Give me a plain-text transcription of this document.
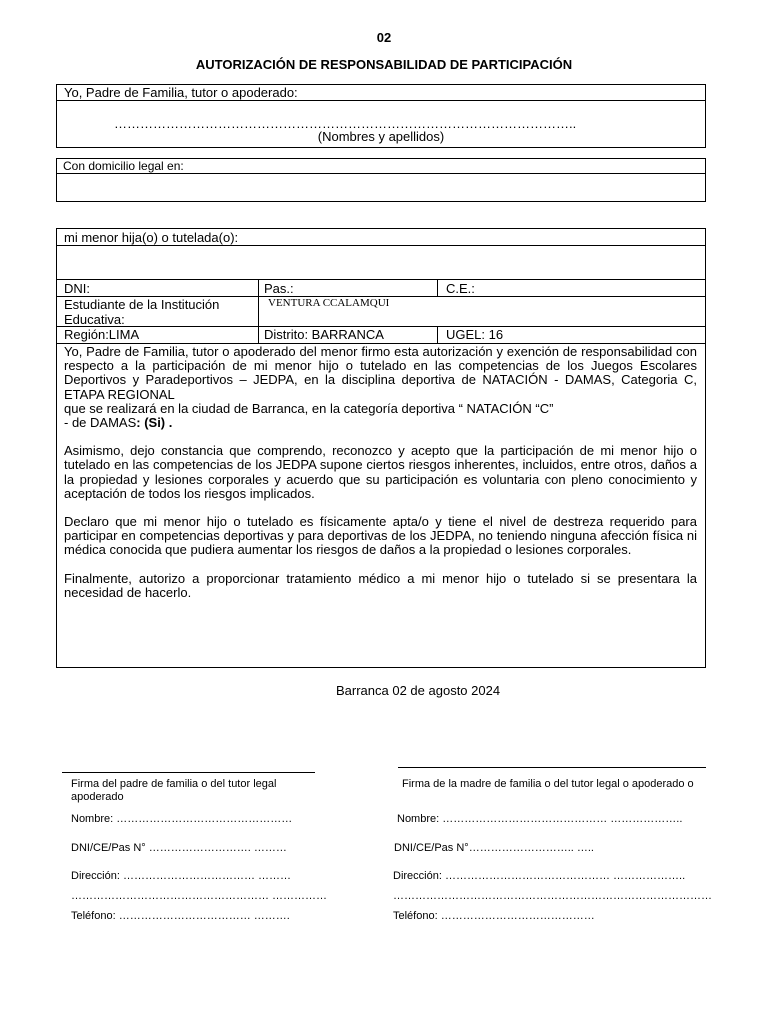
02
AUTORIZACIÓN DE RESPONSABILIDAD DE PARTICIPACIÓN
Yo, Padre de Familia, tutor o apoderado:
……………………………………………………………………………………………..
(Nombres y apellidos)
Con domicilio legal en:
mi menor hija(o) o tutelada(o):
DNI:	Pas.:	C.E.:
Estudiante de la Institución Educativa:
VENTURA CCALAMQUI
Región:LIMA	Distrito: BARRANCA	UGEL: 16

Yo, Padre de Familia, tutor o apoderado del menor firmo esta autorización y exención de responsabilidad con respecto a la participación de mi menor hijo o tutelado en las competencias de los Juegos Escolares Deportivos y Paradeportivos – JEDPA, en la disciplina deportiva de NATACIÓN - DAMAS, Categoria C, ETAPA REGIONAL

que se realizará en la ciudad de Barranca, en la categoría deportiva “ NATACIÓN “C”

- de DAMAS: (Si) .

Asimismo, dejo constancia que comprendo, reconozco y acepto que la participación de mi menor hijo o tutelado en las competencias de los JEDPA supone ciertos riesgos inherentes, incluidos, entre otros, daños a la propiedad y lesiones corporales y acuerdo que su participación es voluntaria con pleno conocimiento y aceptación de todos los riesgos implicados.

Declaro que mi menor hijo o tutelado es físicamente apta/o y tiene el nivel de destreza requerido para participar en competencias deportivas y para deportivas de los JEDPA, no teniendo ninguna afección física ni médica conocida que pudiera aumentar los riesgos de daños a la propiedad o lesiones corporales.

Finalmente, autorizo a proporcionar tratamiento médico a mi menor hijo o tutelado si se presentara la necesidad de hacerlo.

Barranca 02 de agosto 2024
Firma del padre de familia o del tutor legal apoderado
Nombre: …………………………………………
DNI/CE/Pas N° ………………………. ………
Dirección: ……………………………… ………
……………………………………………… ……………
Teléfono: ……………………………… ……….
Firma de la madre de familia o del tutor legal o apoderado o
Nombre: ……………………………………… ………………..
DNI/CE/Pas N°……………………….. …..
Dirección: ……………………………………… ………………..
……………………………………………………………………………
Teléfono: ……………………………………
